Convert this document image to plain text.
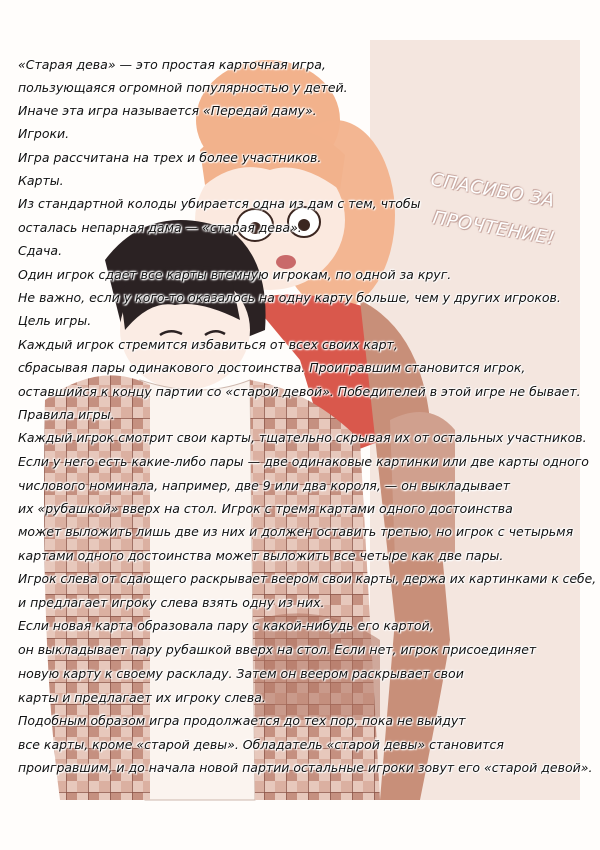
СПАСИБО ЗА
ПРОЧТЕНИЕ!
«Старая дева» — это простая карточная игра,
пользующаяся огромной популярностью у детей.
Иначе эта игра называется «Передай даму».
Игроки.
Игра рассчитана на трех и более участников.
Карты.
Из стандартной колоды убирается одна из дам с тем, чтобы
осталась непарная дама — «старая дева».
Сдача.
Один игрок сдает все карты втемную игрокам, по одной за круг.
Не важно, если у кого-то оказалось на одну карту больше, чем у других игроков.
Цель игры.
Каждый игрок стремится избавиться от всех своих карт,
сбрасывая пары одинакового достоинства. Проигравшим становится игрок,
оставшийся к концу партии со «старой девой». Победителей в этой игре не бывает.
Правила игры.
Каждый игрок смотрит свои карты, тщательно скрывая их от остальных участников.
Если у него есть какие-либо пары — две одинаковые картинки или две карты одного
числового номинала, например, две 9 или два короля, — он выкладывает
их «рубашкой» вверх на стол. Игрок с тремя картами одного достоинства
может выложить лишь две из них и должен оставить третью, но игрок с четырьмя
картами одного достоинства может выложить все четыре как две пары.
Игрок слева от сдающего раскрывает веером свои карты, держа их картинками к себе,
и предлагает игроку слева взять одну из них.
Если новая карта образовала пару с какой-нибудь его картой,
он выкладывает пару рубашкой вверх на стол. Если нет, игрок присоединяет
новую карту к своему раскладу. Затем он веером раскрывает свои
карты и предлагает их игроку слева.
Подобным образом игра продолжается до тех пор, пока не выйдут
все карты, кроме «старой девы». Обладатель «старой девы» становится
проигравшим, и до начала новой партии остальные игроки зовут его «старой девой».
